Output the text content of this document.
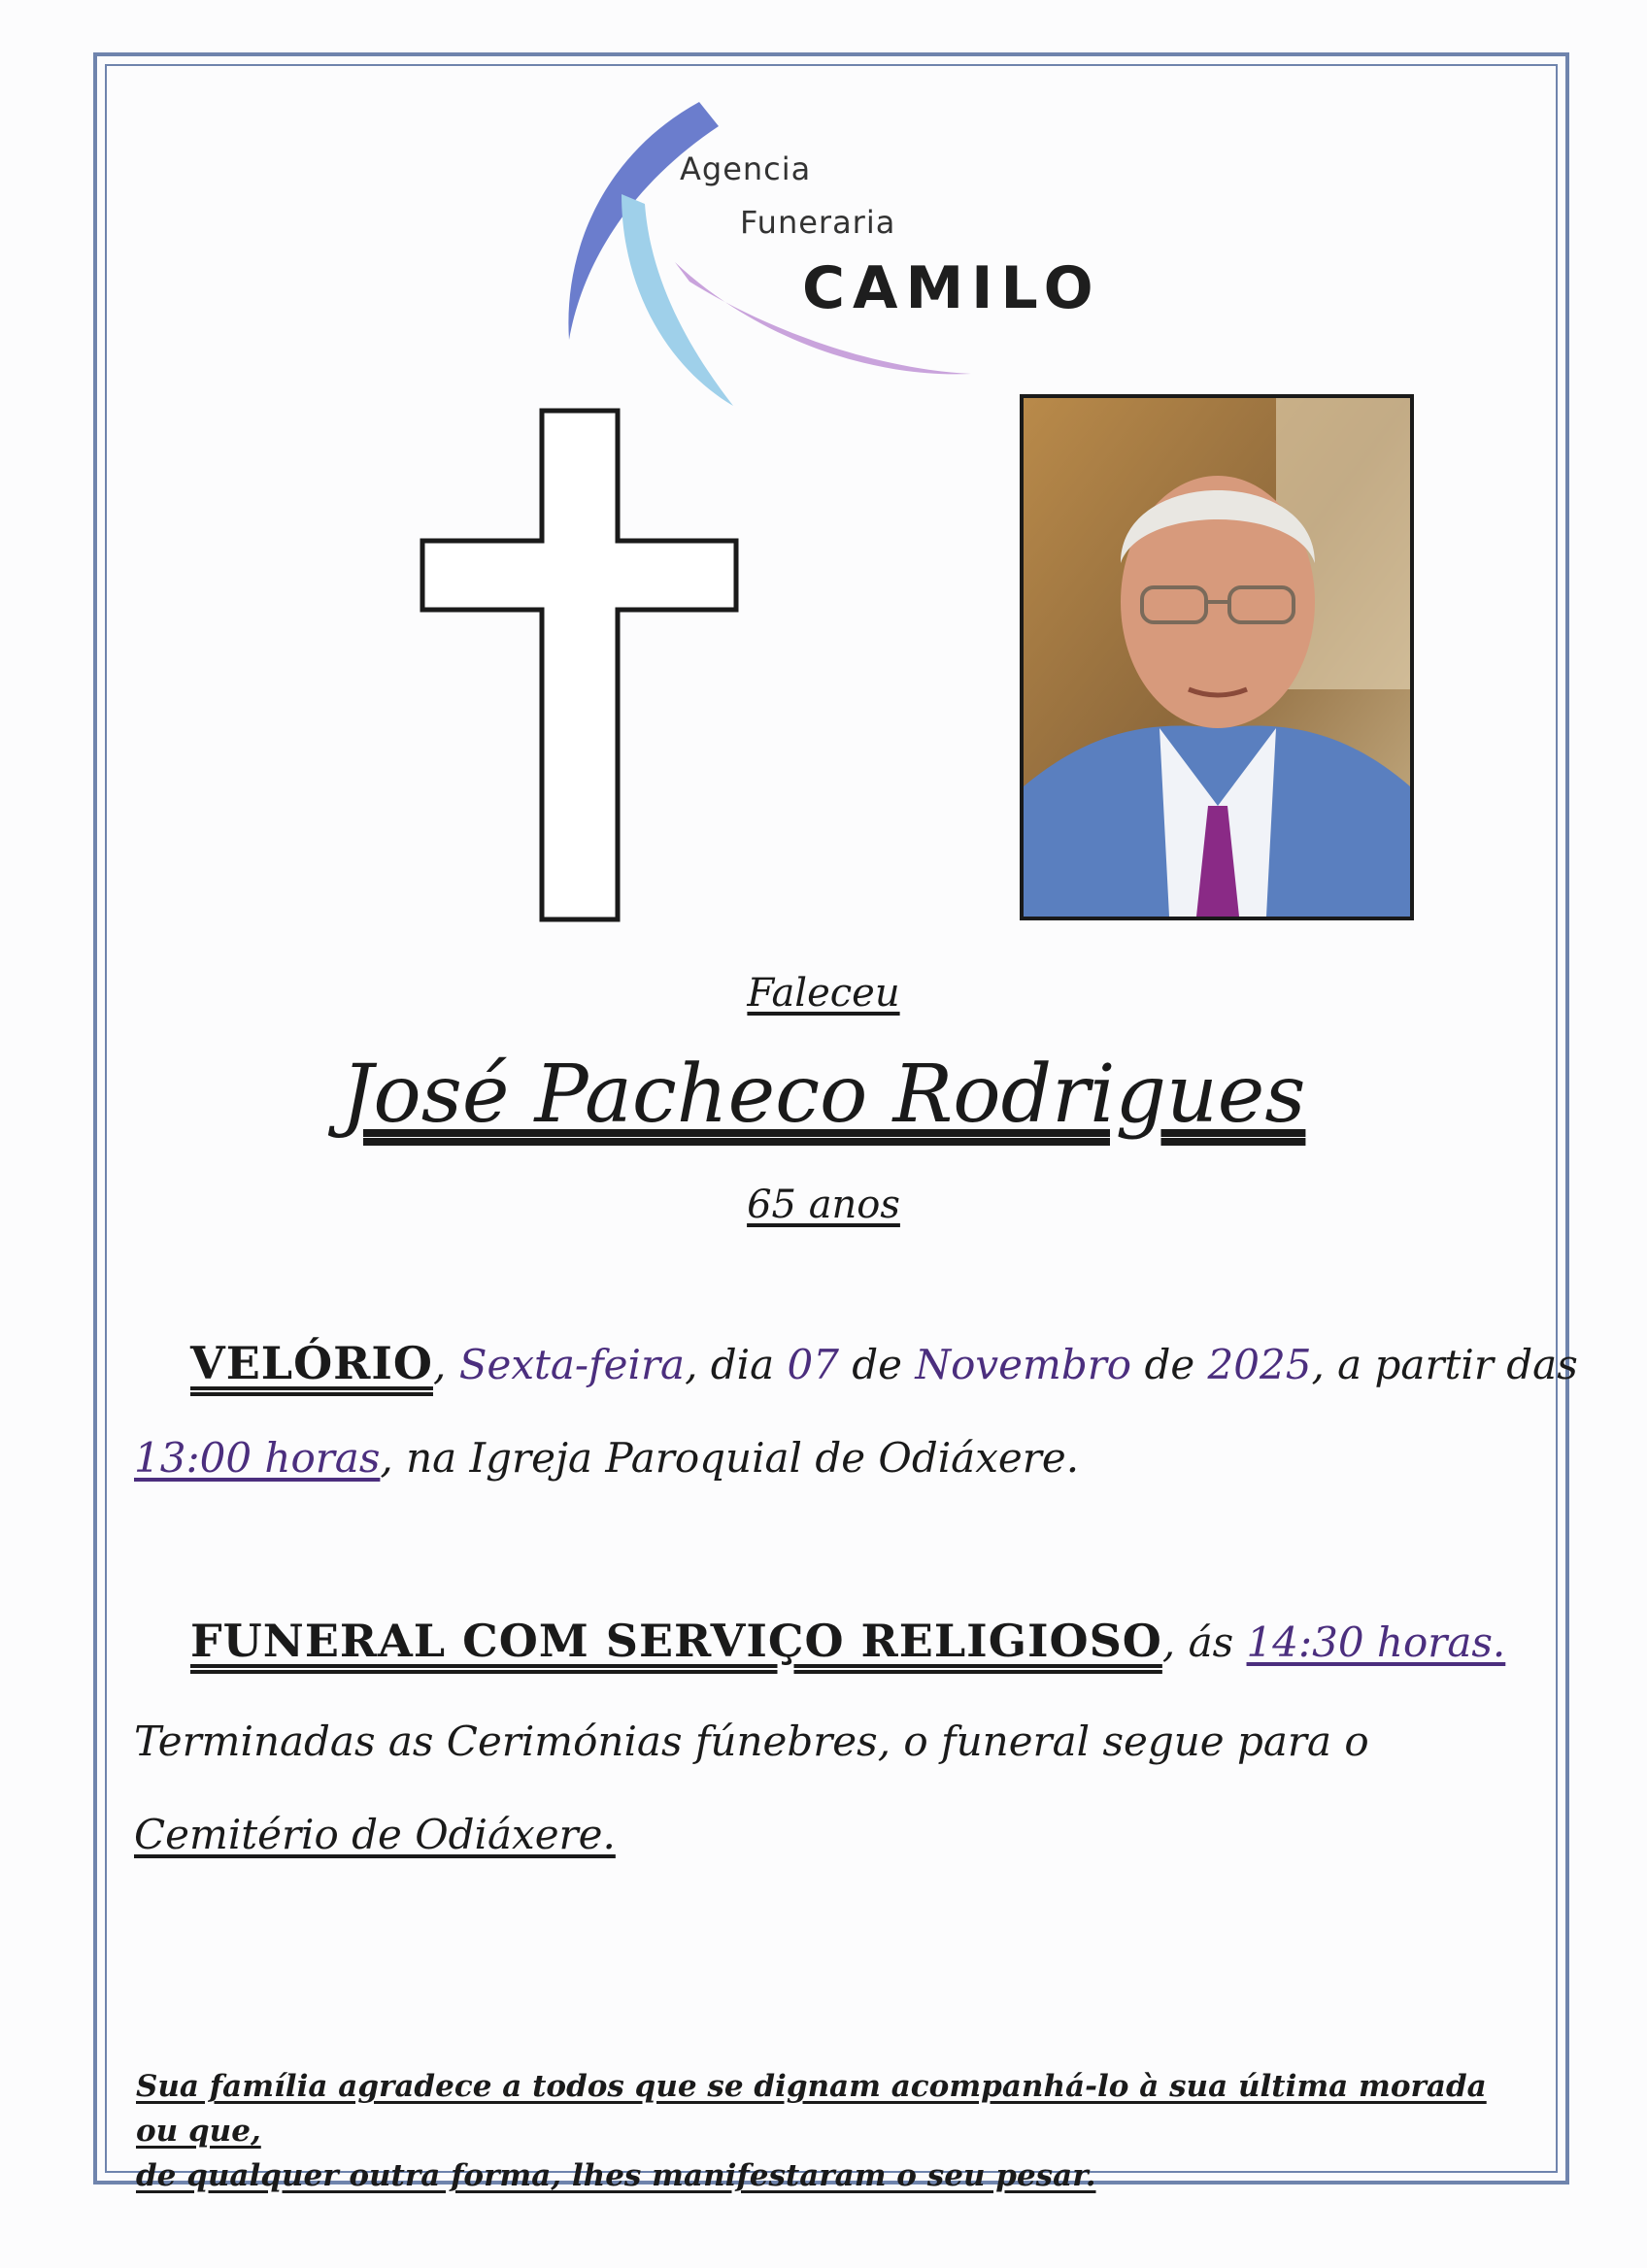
Agencia
Funeraria
CAMILO
Faleceu
José Pacheco Rodrigues
65 anos
VELÓRIO, Sexta-feira, dia 07 de Novembro de 2025, a partir das
13:00 horas, na Igreja Paroquial de Odiáxere.
FUNERAL COM SERVIÇO RELIGIOSO, ás 14:30 horas.
Terminadas as Cerimónias fúnebres, o funeral segue para o Cemitério de Odiáxere.
Sua família agradece a todos que se dignam acompanhá-lo à sua última morada ou que,
de qualquer outra forma, lhes manifestaram o seu pesar.
